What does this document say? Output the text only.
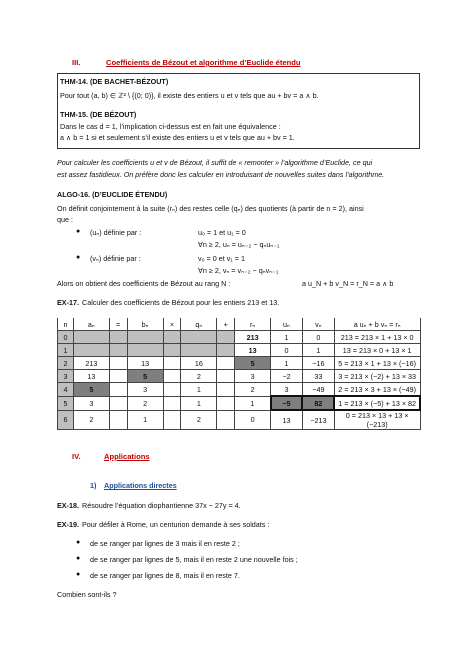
III.	Coefficients de Bézout et algorithme d’Euclide étendu
THM-14. (DE BACHET-BÉZOUT)
Pour tout (a, b) ∈ ℤ² \ {(0; 0)}, il existe des entiers u et v tels que au + bv = a ∧ b.
THM-15. (DE BÉZOUT)
Dans le cas d = 1, l’implication ci-dessus est en fait une équivalence :
a ∧ b = 1 si et seulement s’il existe des entiers u et v tels que au + bv = 1.
Pour calculer les coefficients u et v de Bézout, il suffit de « remonter » l’algorithme d’Euclide, ce qui
est assez fastidieux. On préfère donc les calculer en introduisant de nouvelles suites dans l’algorithme.
ALGO-16. (D’EUCLIDE ÉTENDU)
On définit conjointement à la suite (rₙ) des restes celle (qₙ) des quotients (à partir de n = 2), ainsi
que :
● (uₙ) définie par :	u₀ = 1 et u₁ = 0
∀n ≥ 2, uₙ = uₙ₋₂ − qₙuₙ₋₁
● (vₙ) définie par :	v₀ = 0 et v₁ = 1
∀n ≥ 2, vₙ = vₙ₋₂ − qₙvₙ₋₁
Alors on obtient des coefficients de Bézout au rang N :	a u_N + b v_N = r_N = a ∧ b
EX-17. Calculer des coefficients de Bézout pour les entiers 213 et 13.
n	aₙ	=	bₙ	×	qₙ	+	rₙ	uₙ	vₙ	a uₙ + b vₙ = rₙ
0							213	1	0	213 = 213 × 1 + 13 × 0
1							13	0	1	13 = 213 × 0 + 13 × 1
2	213		13		16		5	1	−16	5 = 213 × 1 + 13 × (−16)
3	13		5		2		3	−2	33	3 = 213 × (−2) + 13 × 33
4	5		3		1		2	3	−49	2 = 213 × 3 + 13 × (−49)
5	3		2		1		1	−5	82	1 = 213 × (−5) + 13 × 82
6	2		1		2		0	13	−213	0 = 213 × 13 + 13 × (−213)
IV.	Applications
1) Applications directes
EX-18. Résoudre l’équation diophantienne 37x − 27y = 4.
EX-19. Pour défiler à Rome, un centurion demande à ses soldats :
● de se ranger par lignes de 3 mais il en reste 2 ;
● de se ranger par lignes de 5, mais il en reste 2 une nouvelle fois ;
● de se ranger par lignes de 8, mais il en reste 7.
Combien sont-ils ?
